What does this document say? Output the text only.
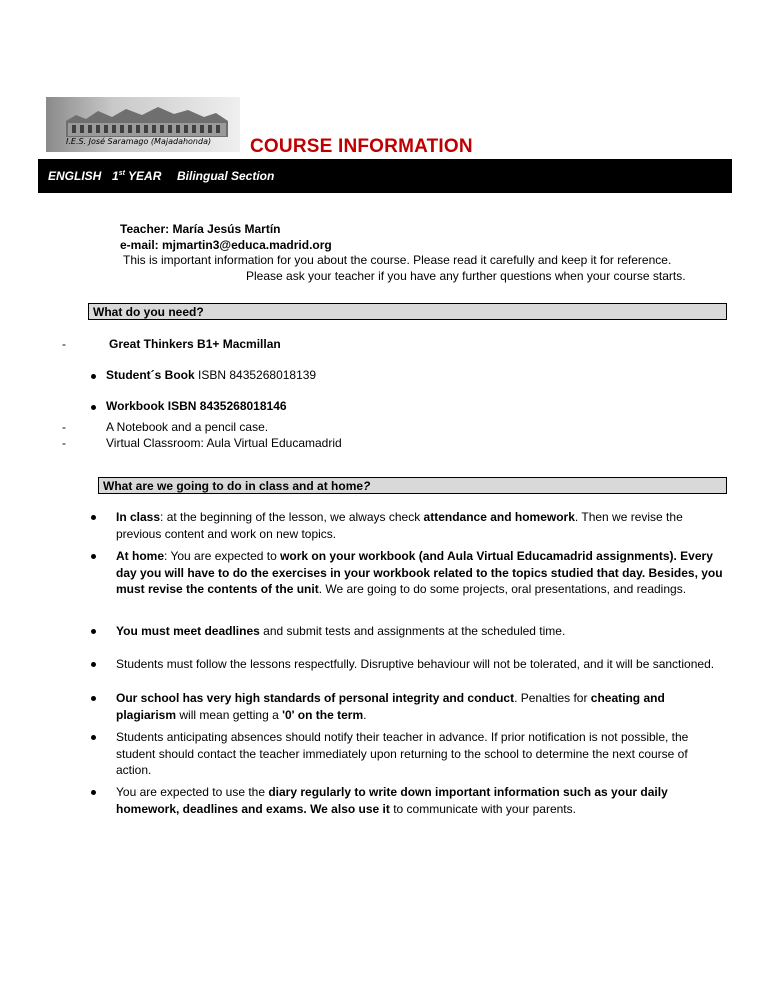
I.E.S. José Saramago (Majadahonda) COURSE INFORMATION
ENGLISH 1st YEAR Bilingual Section
Teacher: María Jesús Martín
e-mail: mjmartin3@educa.madrid.org
This is important information for you about the course. Please read it carefully and keep it for reference.
Please ask your teacher if you have any further questions when your course starts.
What do you need?
-	Great Thinkers B1+ Macmillan
Student´s Book ISBN 8435268018139
Workbook ISBN 8435268018146
-	A Notebook and a pencil case.
-	Virtual Classroom: Aula Virtual Educamadrid
What are we going to do in class and at home?
In class: at the beginning of the lesson, we always check attendance and homework. Then we revise the previous content and work on new topics.
At home: You are expected to work on your workbook (and Aula Virtual Educamadrid assignments). Every day you will have to do the exercises in your workbook related to the topics studied that day. Besides, you must revise the contents of the unit. We are going to do some projects, oral presentations, and readings.
You must meet deadlines and submit tests and assignments at the scheduled time.
Students must follow the lessons respectfully. Disruptive behaviour will not be tolerated, and it will be sanctioned.
Our school has very high standards of personal integrity and conduct. Penalties for cheating and plagiarism will mean getting a '0' on the term.
Students anticipating absences should notify their teacher in advance. If prior notification is not possible, the student should contact the teacher immediately upon returning to the school to determine the next course of action.
You are expected to use the diary regularly to write down important information such as your daily homework, deadlines and exams. We also use it to communicate with your parents.
